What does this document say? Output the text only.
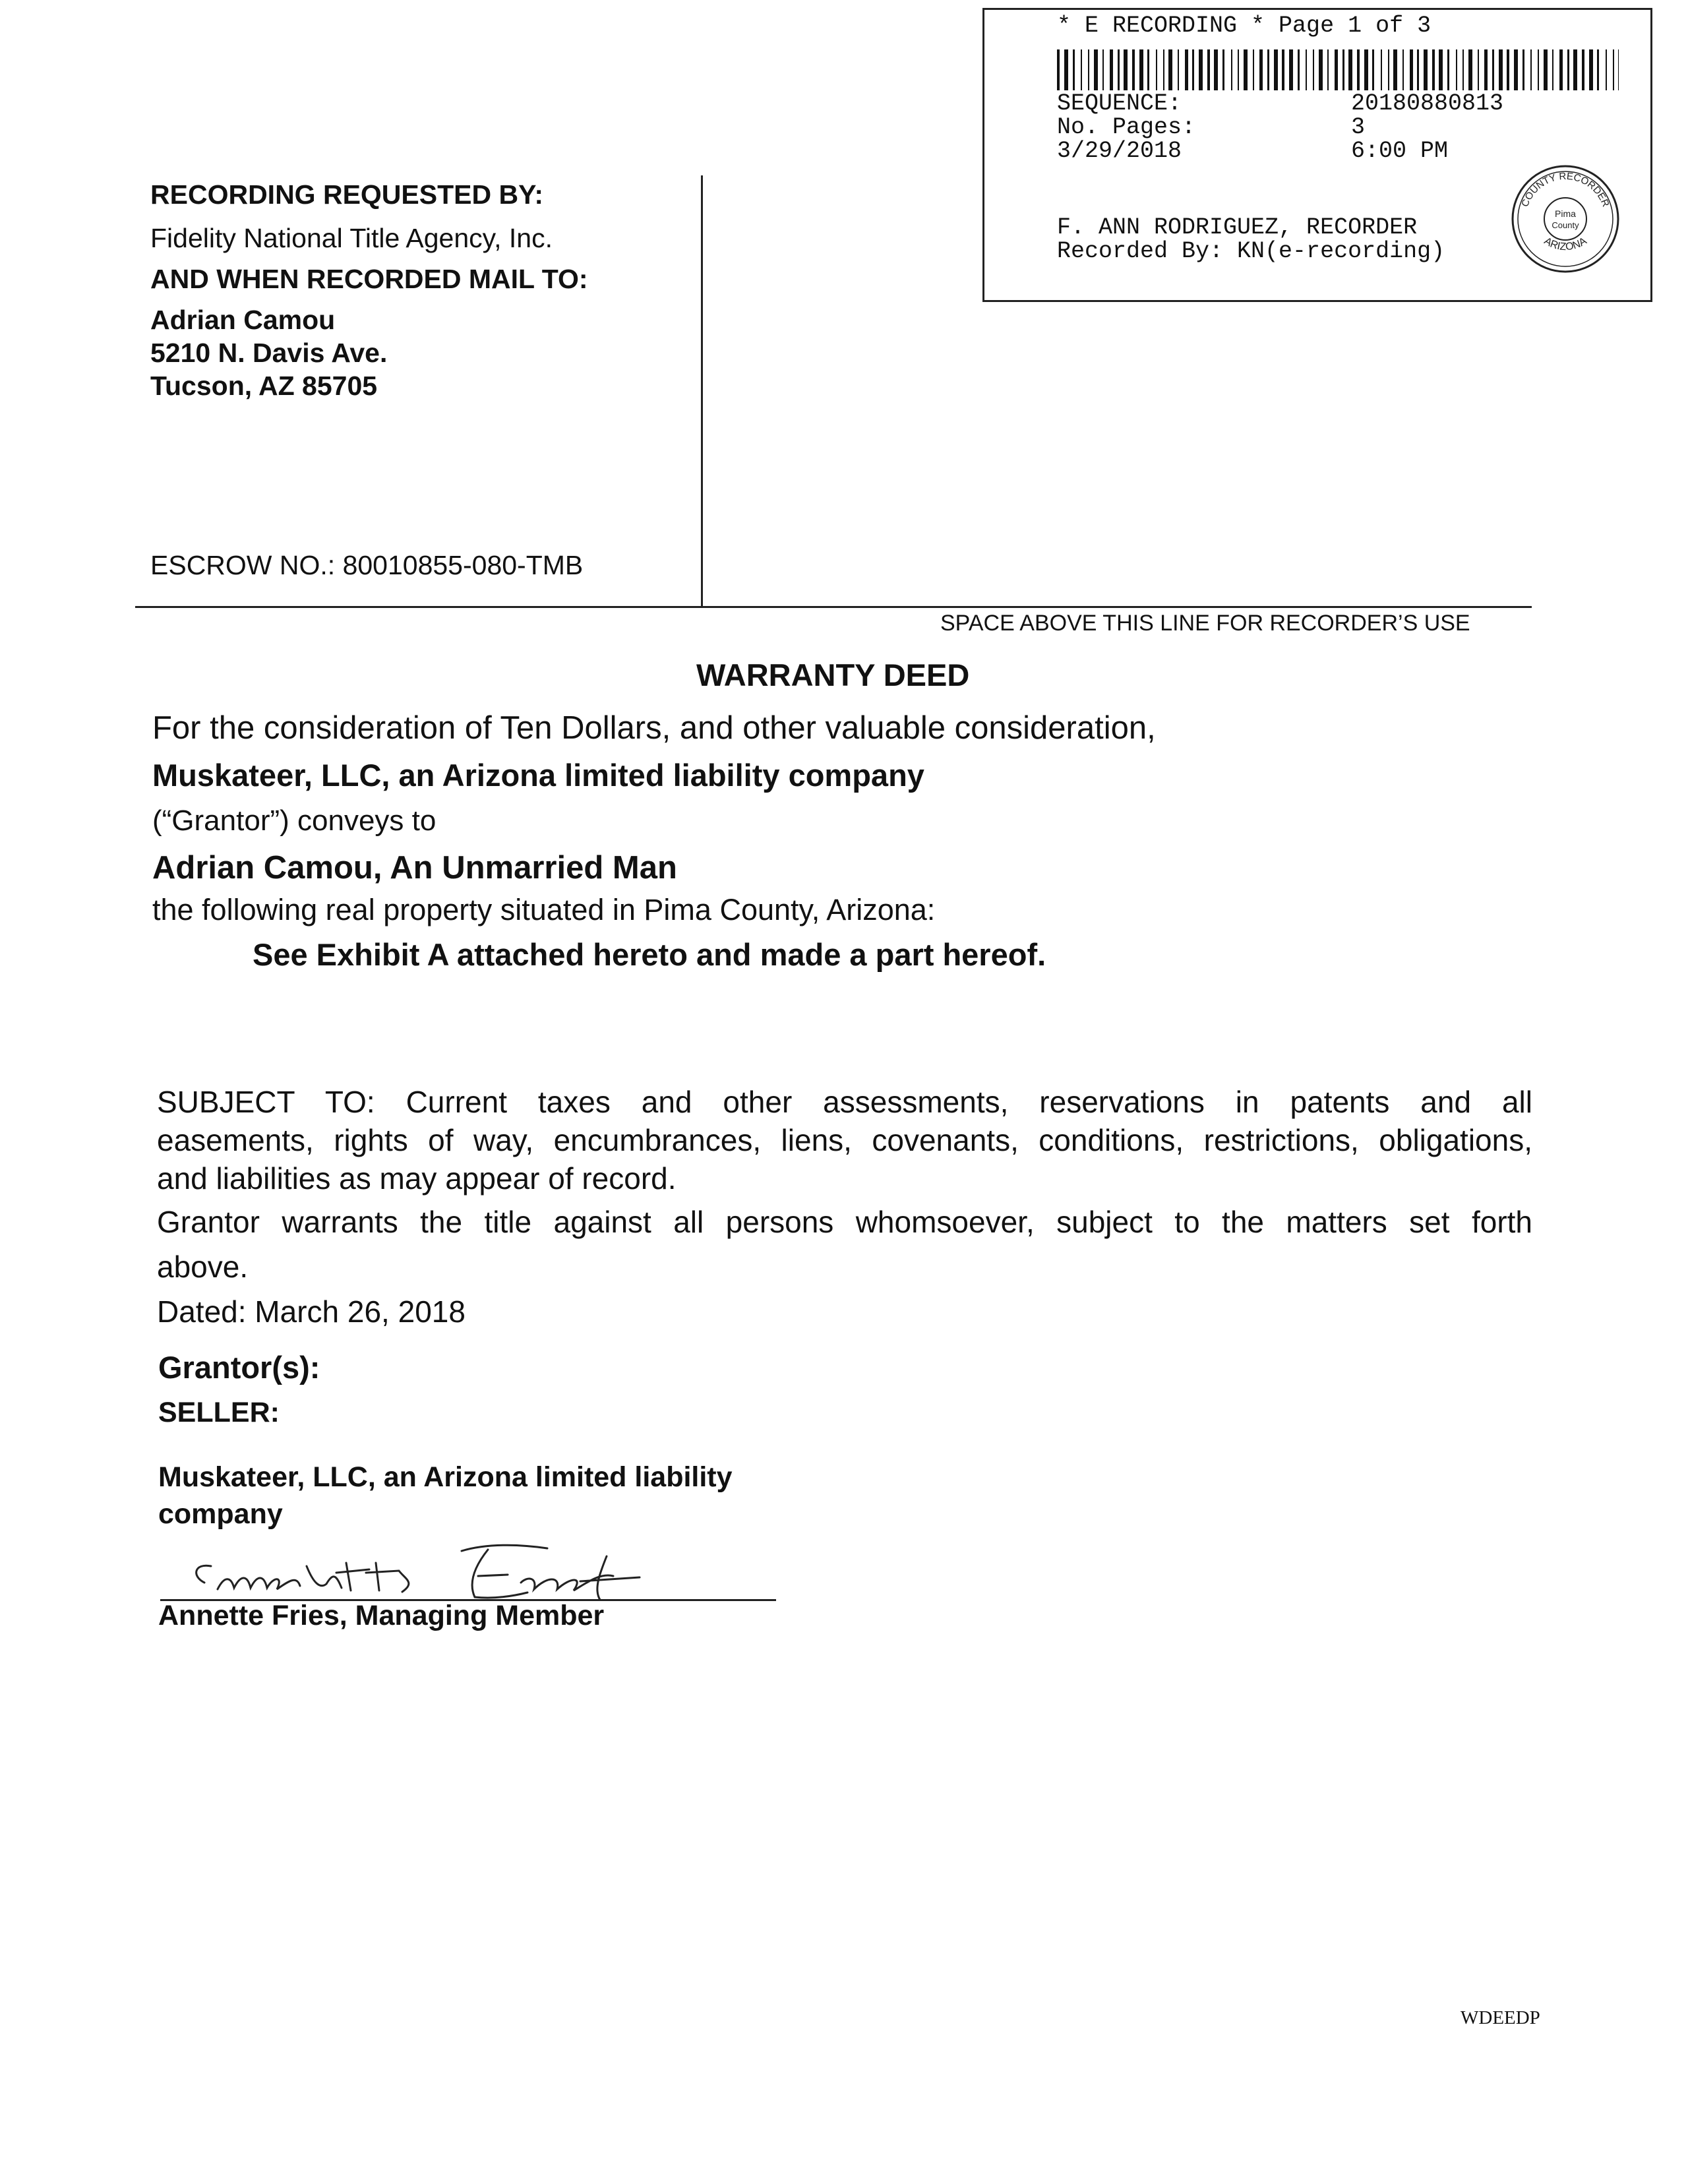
* E RECORDING * Page 1 of 3
SEQUENCE:	20180880813
No. Pages:	3
3/29/2018	6:00 PM
F. ANN RODRIGUEZ, RECORDER
Recorded By: KN(e-recording)
COUNTY RECORDER
ARIZONA
Pima
County
RECORDING REQUESTED BY:
Fidelity National Title Agency, Inc.
AND WHEN RECORDED MAIL TO:
Adrian Camou
5210 N. Davis Ave.
Tucson, AZ 85705
ESCROW NO.: 80010855-080-TMB
SPACE ABOVE THIS LINE FOR RECORDER’S USE
WARRANTY DEED
For the consideration of Ten Dollars, and other valuable consideration,
Muskateer, LLC, an Arizona limited liability company
(“Grantor”) conveys to
Adrian Camou, An Unmarried Man
the following real property situated in Pima County, Arizona:
See Exhibit A attached hereto and made a part hereof.
SUBJECT TO: Current taxes and other assessments, reservations in patents and all
easements, rights of way, encumbrances, liens, covenants, conditions, restrictions, obligations,
and liabilities as may appear of record.
Grantor warrants the title against all persons whomsoever, subject to the matters set forth
above.
Dated: March 26, 2018
Grantor(s):
SELLER:
Muskateer, LLC, an Arizona limited liability
company
Annette Fries, Managing Member
WDEEDP
